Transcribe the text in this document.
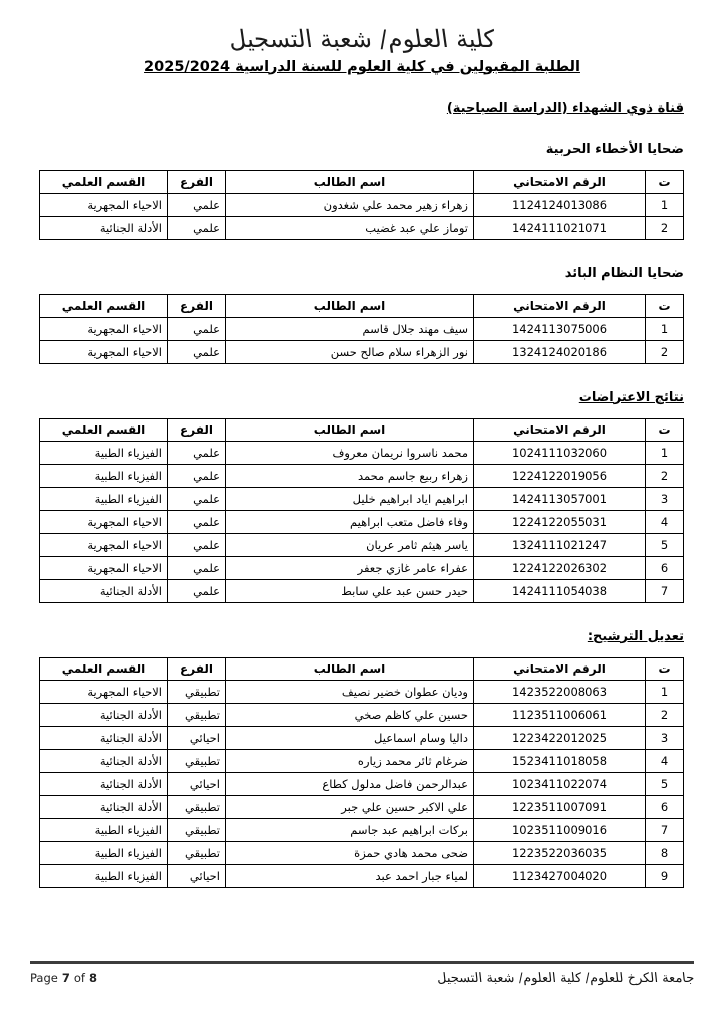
كلية العلوم/ شعبة التسجيل
الطلبة المقبولين في كلية العلوم للسنة الدراسية 2025/2024
قناة ذوي الشهداء (الدراسة الصباحية)
ضحايا الأخطاء الحربية
ت	الرقم الامتحاني	اسم الطالب	الفرع	القسم العلمي
1	1124124013086	زهراء زهير محمد علي شغدون	علمي	الاحياء المجهرية
2	1424111021071	توماز علي عبد غضيب	علمي	الأدلة الجنائية
ضحايا النظام البائد
ت	الرقم الامتحاني	اسم الطالب	الفرع	القسم العلمي
1	1424113075006	سيف مهند جلال قاسم	علمي	الاحياء المجهرية
2	1324124020186	نور الزهراء سلام صالح حسن	علمي	الاحياء المجهرية
نتائج الاعتراضات
ت	الرقم الامتحاني	اسم الطالب	الفرع	القسم العلمي
1	1024111032060	محمد ناسروا نريمان معروف	علمي	الفيزياء الطبية
2	1224122019056	زهراء ربيع جاسم محمد	علمي	الفيزياء الطبية
3	1424113057001	ابراهيم اياد ابراهيم خليل	علمي	الفيزياء الطبية
4	1224122055031	وفاء فاضل متعب ابراهيم	علمي	الاحياء المجهرية
5	1324111021247	ياسر هيثم ثامر عريان	علمي	الاحياء المجهرية
6	1224122026302	عفراء عامر غازي جعفر	علمي	الاحياء المجهرية
7	1424111054038	حيدر حسن عبد علي سابط	علمي	الأدلة الجنائية
تعديل الترشيح:
ت	الرقم الامتحاني	اسم الطالب	الفرع	القسم العلمي
1	1423522008063	وديان عطوان خضير نصيف	تطبيقي	الاحياء المجهرية
2	1123511006061	حسين علي كاظم صخي	تطبيقي	الأدلة الجنائية
3	1223422012025	داليا وسام اسماعيل	احيائي	الأدلة الجنائية
4	1523411018058	ضرغام ثائر محمد زياره	تطبيقي	الأدلة الجنائية
5	1023411022074	عبدالرحمن فاضل مدلول كطاع	احيائي	الأدلة الجنائية
6	1223511007091	علي الاكبر حسين علي جبر	تطبيقي	الأدلة الجنائية
7	1023511009016	بركات ابراهيم عبد جاسم	تطبيقي	الفيزياء الطبية
8	1223522036035	ضحى محمد هادي حمزة	تطبيقي	الفيزياء الطبية
9	1123427004020	لمياء جبار احمد عبد	احيائي	الفيزياء الطبية
جامعة الكرخ للعلوم/ كلية العلوم/ شعبة التسجيل
Page 7 of 8
